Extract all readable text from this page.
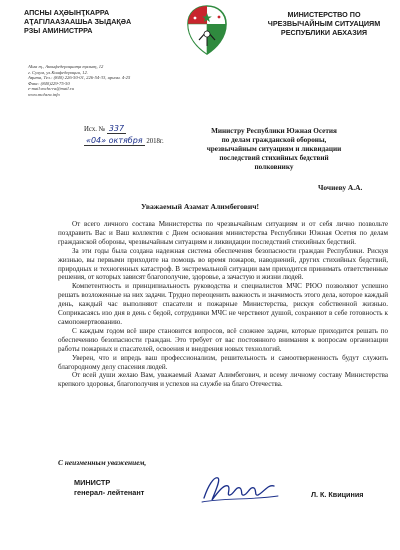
АПСНЫ АҲӘЫНҬКАРРА
АҬАГӀЛААЗААШЬА ӠЫДАҚӘА
РЗЫ АМИНИСТРРА
МИНИСТЕРСТВО ПО
ЧРЕЗВЫЧАЙНЫМ СИТУАЦИЯМ
РЕСПУБЛИКИ АБХАЗИЯ
Аҟәа ҭ., Аконфедерациаҭа ҭалыҭ, 12
г. Сухум, ул.Конфедерации, 12.
Аҵнта, Тел.: (840) 226-50-01, 226-54-33, ириом. 4-25
Факс: (840)229-75-50
e-mail:mchs-ra@mail.ru
www.mchsra.info
Исх. № 337
«04» октября 2018г.
Министру Республики Южная Осетия
по делам гражданской обороны,
чрезвычайным ситуациям и ликвидации
последствий стихийных бедствий
полковнику
Чочиеву А.А.
Уважаемый Азамат Алимбегович!

От всего личного состава Министерства по чрезвычайным ситуациям и от себя лично позвольте поздравить Вас и Ваш коллектив с Днем основания министерства Республики Южная Осетия по делам гражданской обороны, чрезвычайным ситуациям и ликвидации последствий стихийных бедствий.

За эти годы была создана надежная система обеспечения безопасности граждан Республики. Рискуя жизнью, вы первыми приходите на помощь во время пожаров, наводнений, других стихийных бедствий, природных и техногенных катастроф. В экстремальной ситуации вам приходится принимать ответственные решения, от которых зависят благополучие, здоровье, а зачастую и жизни людей.

Компетентность и принципиальность руководства и специалистов МЧС РЮО позволяют успешно решать возложенные на них задачи. Трудно переоценить важность и значимость этого дела, которое каждый день, каждый час выполняют спасатели и пожарные Министерства, рискуя собственной жизнью. Соприкасаясь изо дня в день с бедой, сотрудники МЧС не черствеют душой, сохраняют в себе готовность к самопожертвованию.

С каждым годом всё шире становится вопросов, всё сложнее задачи, которые приходится решать по обеспечению безопасности граждан. Это требует от вас постоянного внимания к вопросам организации работы пожарных и спасателей, освоения и внедрения новых технологий.

Уверен, что и впредь ваш профессионализм, решительность и самоотверженность будут служить благородному делу спасения людей.

От всей души желаю Вам, уважаемый Азамат Алимбегович, и всему личному составу Министерства крепкого здоровья, благополучия и успехов на службе на благо Отечества.

С неизменным уважением,
МИНИСТР
генерал- лейтенант	Л. К. Квициния
